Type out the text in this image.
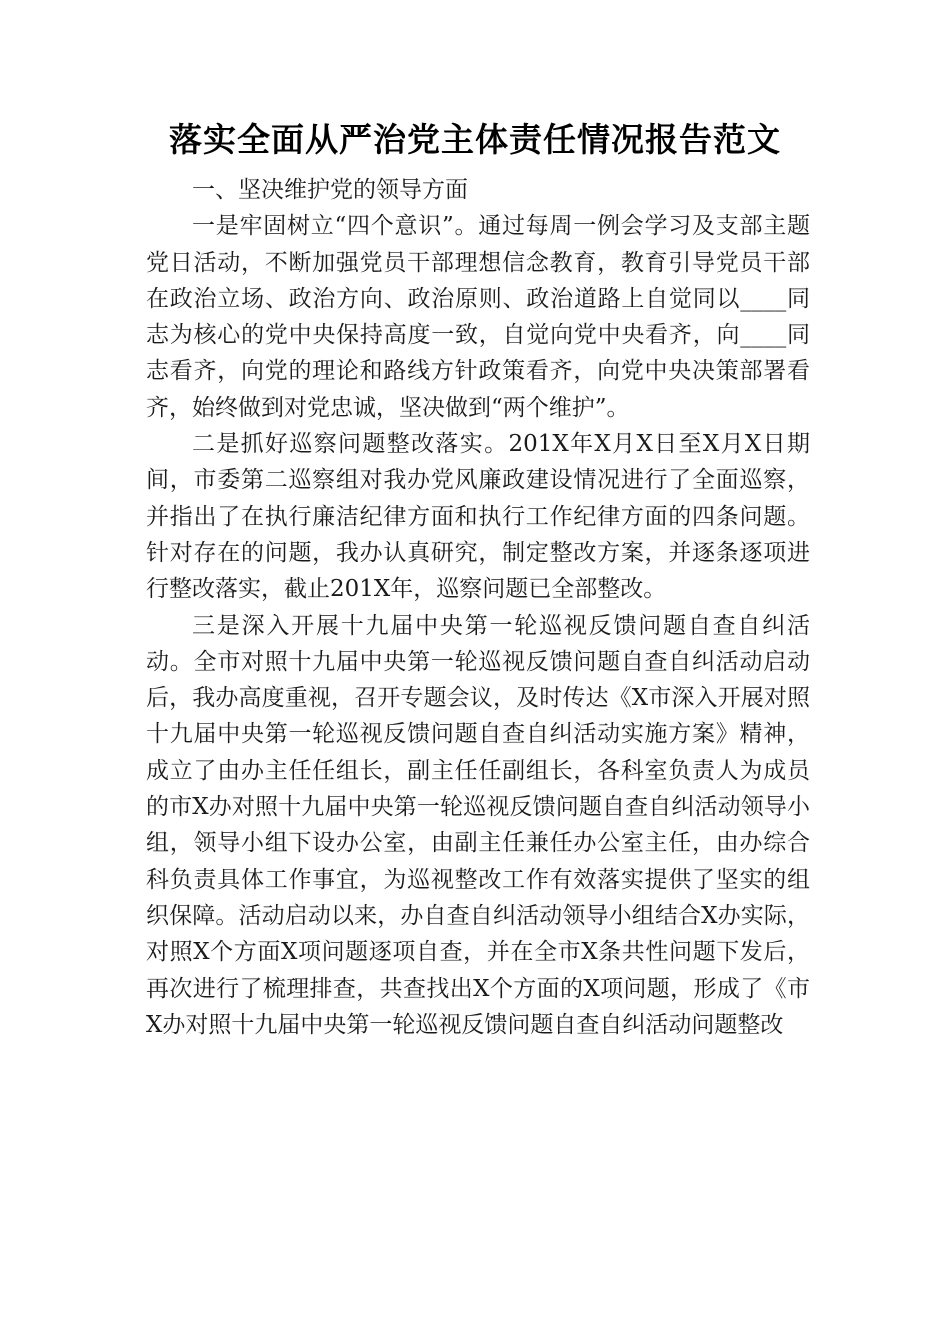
落实全面从严治党主体责任情况报告范文

一、坚决维护党的领导方面

一是牢固树立“四个意识”。通过每周一例会学习及支部主题党日活动，不断加强党员干部理想信念教育，教育引导党员干部在政治立场、政治方向、政治原则、政治道路上自觉同以____同志为核心的党中央保持高度一致，自觉向党中央看齐，向____同志看齐，向党的理论和路线方针政策看齐，向党中央决策部署看齐，始终做到对党忠诚，坚决做到“两个维护”。

二是抓好巡察问题整改落实。201X年X月X日至X月X日期间，市委第二巡察组对我办党风廉政建设情况进行了全面巡察，并指出了在执行廉洁纪律方面和执行工作纪律方面的四条问题。针对存在的问题，我办认真研究，制定整改方案，并逐条逐项进行整改落实，截止201X年，巡察问题已全部整改。

三是深入开展十九届中央第一轮巡视反馈问题自查自纠活动。全市对照十九届中央第一轮巡视反馈问题自查自纠活动启动后，我办高度重视，召开专题会议，及时传达《X市深入开展对照十九届中央第一轮巡视反馈问题自查自纠活动实施方案》精神，成立了由办主任任组长，副主任任副组长，各科室负责人为成员的市X办对照十九届中央第一轮巡视反馈问题自查自纠活动领导小组，领导小组下设办公室，由副主任兼任办公室主任，由办综合科负责具体工作事宜，为巡视整改工作有效落实提供了坚实的组织保障。活动启动以来，办自查自纠活动领导小组结合X办实际，对照X个方面X项问题逐项自查，并在全市X条共性问题下发后，再次进行了梳理排查，共查找出X个方面的X项问题，形成了《市X办对照十九届中央第一轮巡视反馈问题自查自纠活动问题整改
